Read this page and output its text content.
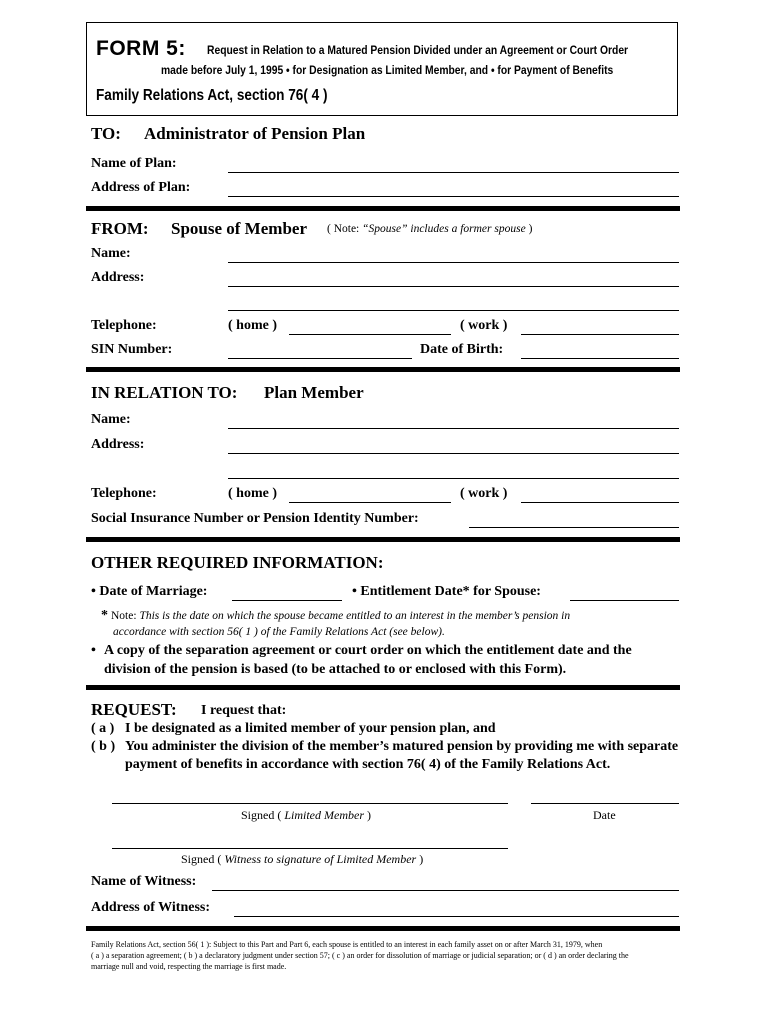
FORM 5: Request in Relation to a Matured Pension Divided under an Agreement or Court Order
made before July 1, 1995 • for Designation as Limited Member, and • for Payment of Benefits
Family Relations Act, section 76( 4 )
TO: Administrator of Pension Plan
Name of Plan:
Address of Plan:
FROM: Spouse of Member ( Note: “Spouse” includes a former spouse )
Name:
Address:
Telephone:	( home )	( work )
SIN Number:	Date of Birth:
IN RELATION TO: Plan Member
Name:
Address:
Telephone:	( home )	( work )
Social Insurance Number or Pension Identity Number:
OTHER REQUIRED INFORMATION:
• Date of Marriage:	• Entitlement Date* for Spouse:
* Note: This is the date on which the spouse became entitled to an interest in the member’s pension in
accordance with section 56( 1 ) of the Family Relations Act (see below).
• A copy of the separation agreement or court order on which the entitlement date and the
division of the pension is based (to be attached to or enclosed with this Form).
REQUEST: I request that:
( a ) I be designated as a limited member of your pension plan, and
( b ) You administer the division of the member’s matured pension by providing me with separate
payment of benefits in accordance with section 76( 4) of the Family Relations Act.
Signed ( Limited Member )	Date
Signed ( Witness to signature of Limited Member )
Name of Witness:
Address of Witness:
Family Relations Act, section 56( 1 ): Subject to this Part and Part 6, each spouse is entitled to an interest in each family asset on or after March 31, 1979, when
( a ) a separation agreement; ( b ) a declaratory judgment under section 57; ( c ) an order for dissolution of marriage or judicial separation; or ( d ) an order declaring the
marriage null and void, respecting the marriage is first made.
